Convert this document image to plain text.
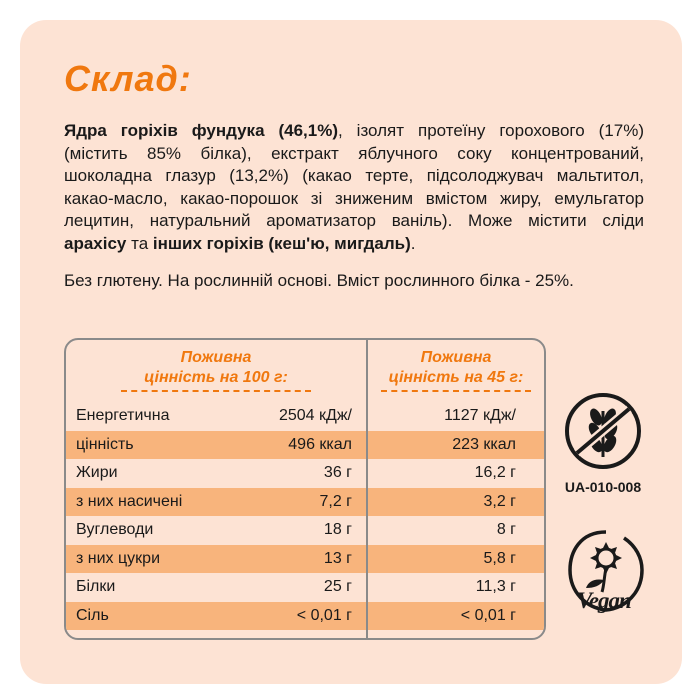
Склад:

Ядра горіхів фундука (46,1%), ізолят протеїну горохового (17%) (містить 85% білка), екстракт яблучного соку концентрований, шоколадна глазур (13,2%) (какао терте, підсолоджувач мальтитол, какао-масло, какао-порошок зі зниженим вмістом жиру, емульгатор лецитин, натуральний ароматизатор ваніль). Може містити сліди арахісу та інших горіхів (кеш'ю, мигдаль).

Без глютену. На рослинній основі. Вміст рослинного білка - 25%.

Поживна
цінність на 100 г:
Поживна
цінність на 45 г:
Енергетична	2504 кДж/	1127 кДж/
цінність	496 ккал	223 ккал
Жири	36 г	16,2 г
з них насичені	7,2 г	3,2 г
Вуглеводи	18 г	8 г
з них цукри	13 г	5,8 г
Білки	25 г	11,3 г
Сіль	< 0,01 г	< 0,01 г
UA-010-008
Vegan
